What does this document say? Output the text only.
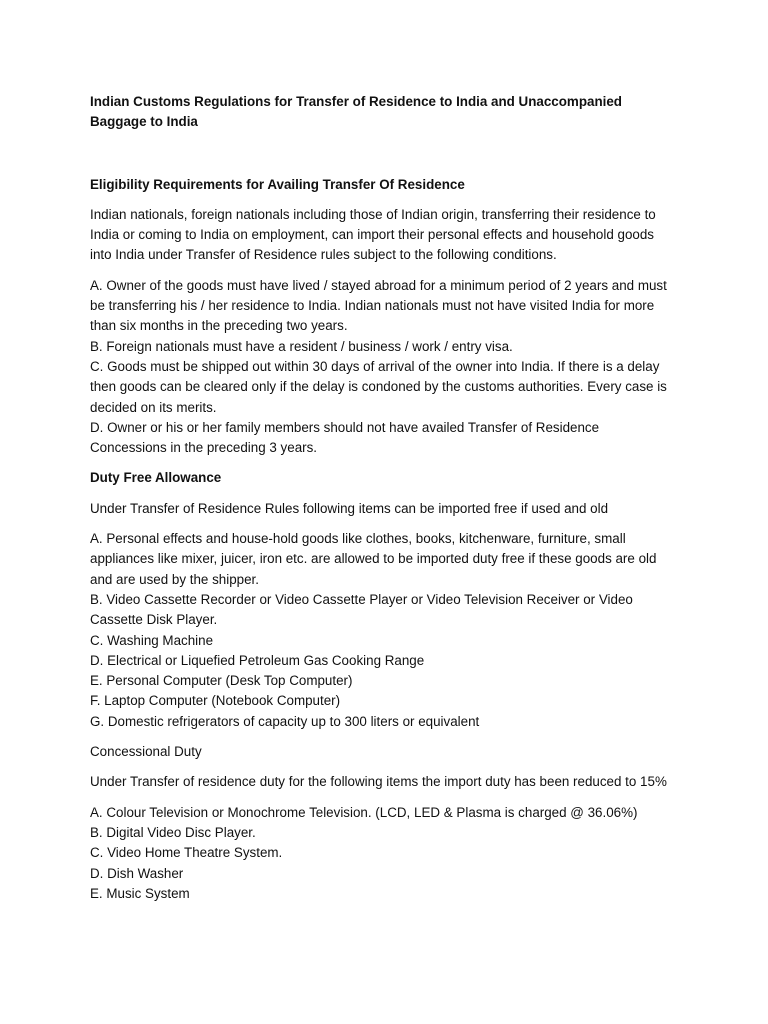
Indian Customs Regulations for Transfer of Residence to India and Unaccompanied Baggage to India

Eligibility Requirements for Availing Transfer Of Residence

Indian nationals, foreign nationals including those of Indian origin, transferring their residence to India or coming to India on employment, can import their personal effects and household goods into India under Transfer of Residence rules subject to the following conditions.

A. Owner of the goods must have lived / stayed abroad for a minimum period of 2 years and must be transferring his / her residence to India. Indian nationals must not have visited India for more than six months in the preceding two years.

B. Foreign nationals must have a resident / business / work / entry visa.

C. Goods must be shipped out within 30 days of arrival of the owner into India. If there is a delay then goods can be cleared only if the delay is condoned by the customs authorities. Every case is decided on its merits.

D. Owner or his or her family members should not have availed Transfer of Residence Concessions in the preceding 3 years.

Duty Free Allowance

Under Transfer of Residence Rules following items can be imported free if used and old

A. Personal effects and house-hold goods like clothes, books, kitchenware, furniture, small appliances like mixer, juicer, iron etc. are allowed to be imported duty free if these goods are old and are used by the shipper.

B. Video Cassette Recorder or Video Cassette Player or Video Television Receiver or Video Cassette Disk Player.

C. Washing Machine

D. Electrical or Liquefied Petroleum Gas Cooking Range

E. Personal Computer (Desk Top Computer)

F. Laptop Computer (Notebook Computer)

G. Domestic refrigerators of capacity up to 300 liters or equivalent

Concessional Duty

Under Transfer of residence duty for the following items the import duty has been reduced to 15%

A. Colour Television or Monochrome Television. (LCD, LED & Plasma is charged @ 36.06%)

B. Digital Video Disc Player.

C. Video Home Theatre System.

D. Dish Washer

E. Music System
